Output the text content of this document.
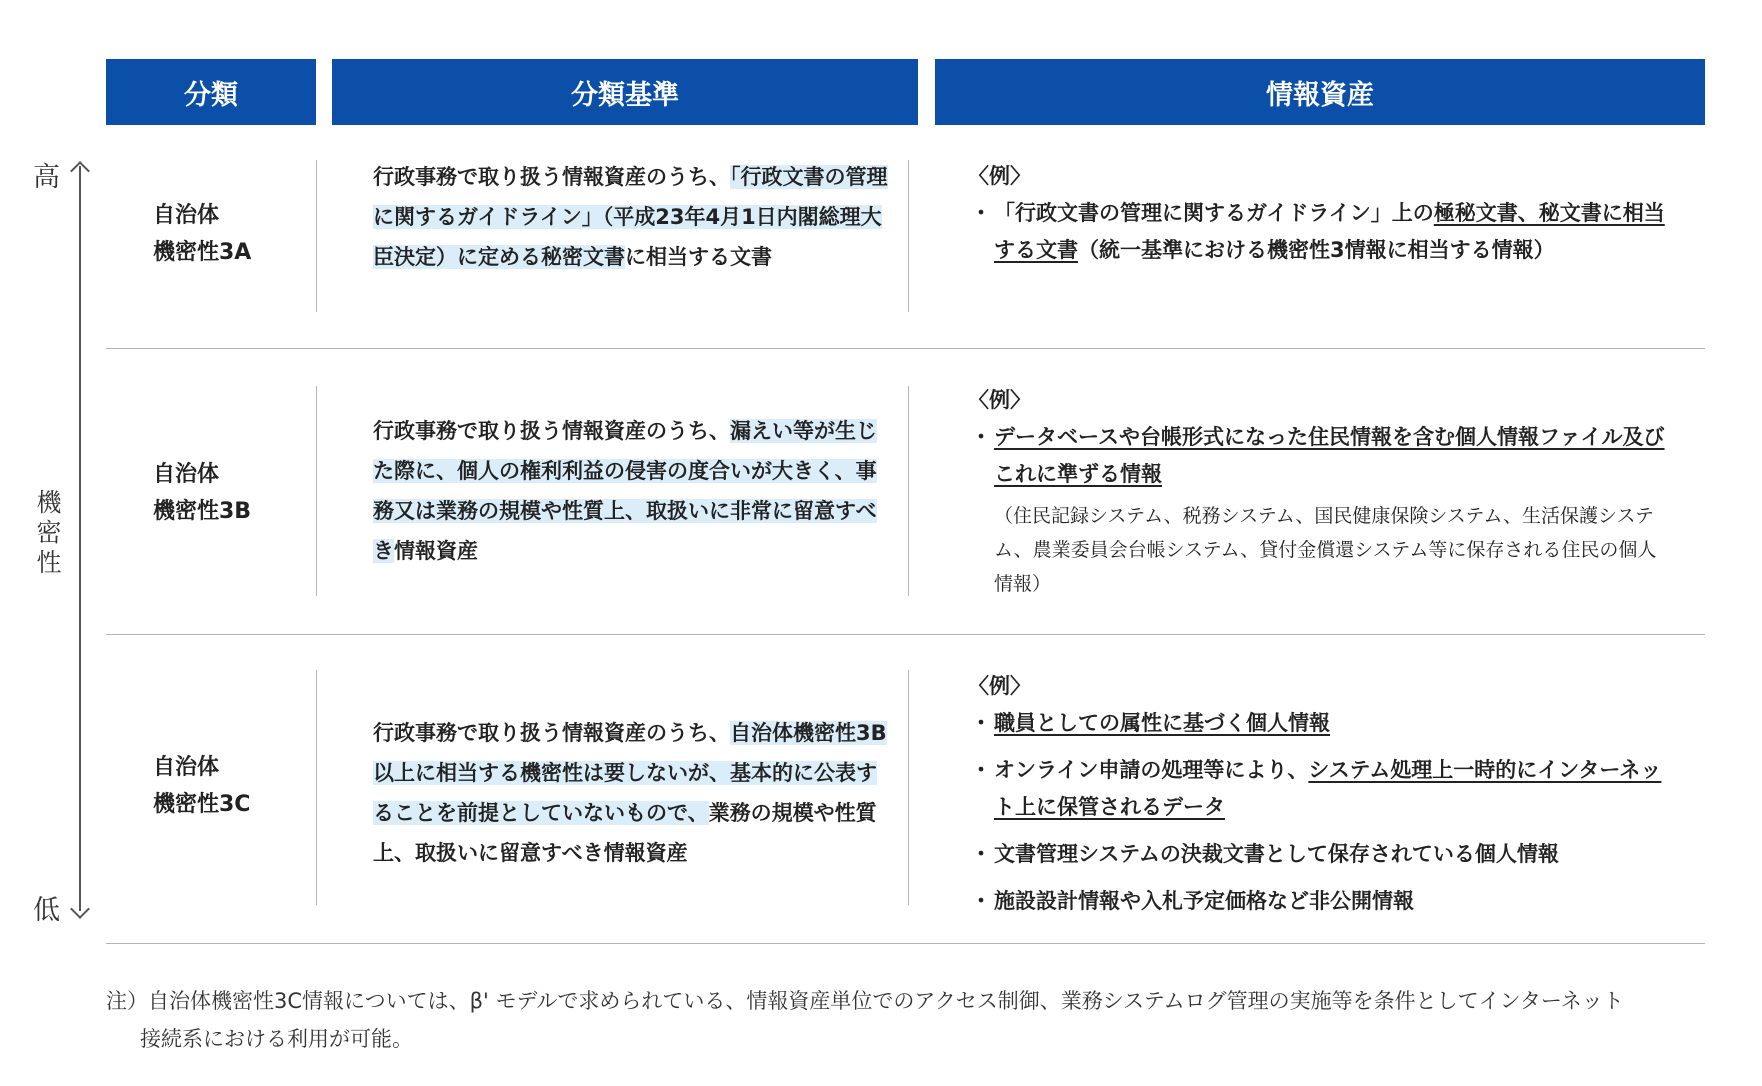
分類	分類基準	情報資産
高
機
密
性
低
自治体
機密性3A
行政事務で取り扱う情報資産のうち、「行政文書の管理に関するガイドライン」（平成23年4月1日内閣総理大臣決定）に定める秘密文書に相当する文書
〈例〉
・ 「行政文書の管理に関するガイドライン」上の極秘文書、秘文書に相当する文書（統一基準における機密性3情報に相当する情報）
自治体
機密性3B
行政事務で取り扱う情報資産のうち、漏えい等が生じた際に、個人の権利利益の侵害の度合いが大きく、事務又は業務の規模や性質上、取扱いに非常に留意すべき情報資産
〈例〉
・ データベースや台帳形式になった住民情報を含む個人情報ファイル及びこれに準ずる情報
（住民記録システム、税務システム、国民健康保険システム、生活保護システム、農業委員会台帳システム、貸付金償還システム等に保存される住民の個人情報）
自治体
機密性3C
行政事務で取り扱う情報資産のうち、自治体機密性3B以上に相当する機密性は要しないが、基本的に公表することを前提としていないもので、業務の規模や性質上、取扱いに留意すべき情報資産
〈例〉
・ 職員としての属性に基づく個人情報
・ オンライン申請の処理等により、システム処理上一時的にインターネット上に保管されるデータ
・ 文書管理システムの決裁文書として保存されている個人情報
・ 施設設計情報や入札予定価格など非公開情報
注）自治体機密性3C情報については、β' モデルで求められている、情報資産単位でのアクセス制御、業務システムログ管理の実施等を条件としてインターネット
接続系における利用が可能。
